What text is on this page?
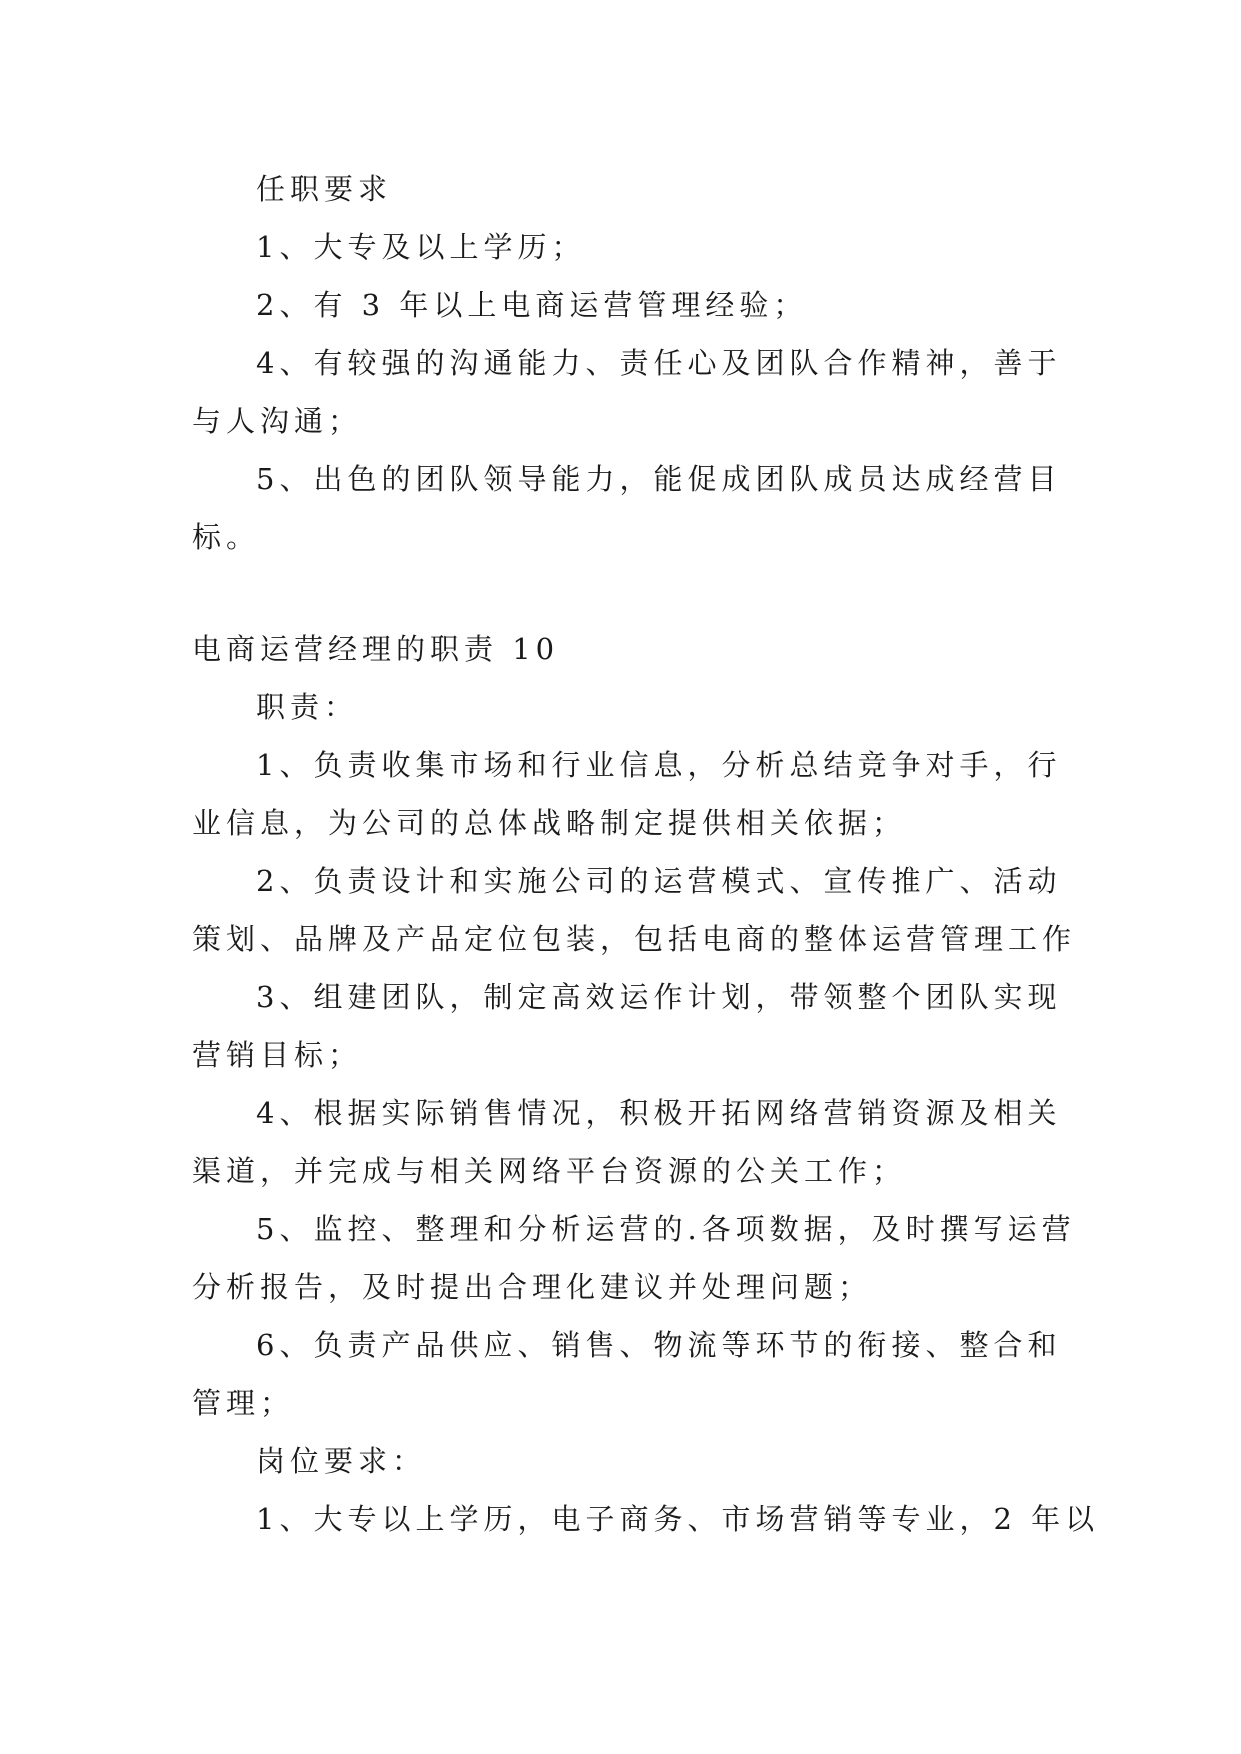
任职要求
1、大专及以上学历；
2、有 3 年以上电商运营管理经验；
4、有较强的沟通能力、责任心及团队合作精神，善于
与人沟通；
5、出色的团队领导能力，能促成团队成员达成经营目
标。
电商运营经理的职责 10
职责：
1、负责收集市场和行业信息，分析总结竞争对手，行
业信息，为公司的总体战略制定提供相关依据；
2、负责设计和实施公司的运营模式、宣传推广、活动
策划、品牌及产品定位包装，包括电商的整体运营管理工作
3、组建团队，制定高效运作计划，带领整个团队实现
营销目标；
4、根据实际销售情况，积极开拓网络营销资源及相关
渠道，并完成与相关网络平台资源的公关工作；
5、监控、整理和分析运营的.各项数据，及时撰写运营
分析报告，及时提出合理化建议并处理问题；
6、负责产品供应、销售、物流等环节的衔接、整合和
管理；
岗位要求：
1、大专以上学历，电子商务、市场营销等专业，2 年以
